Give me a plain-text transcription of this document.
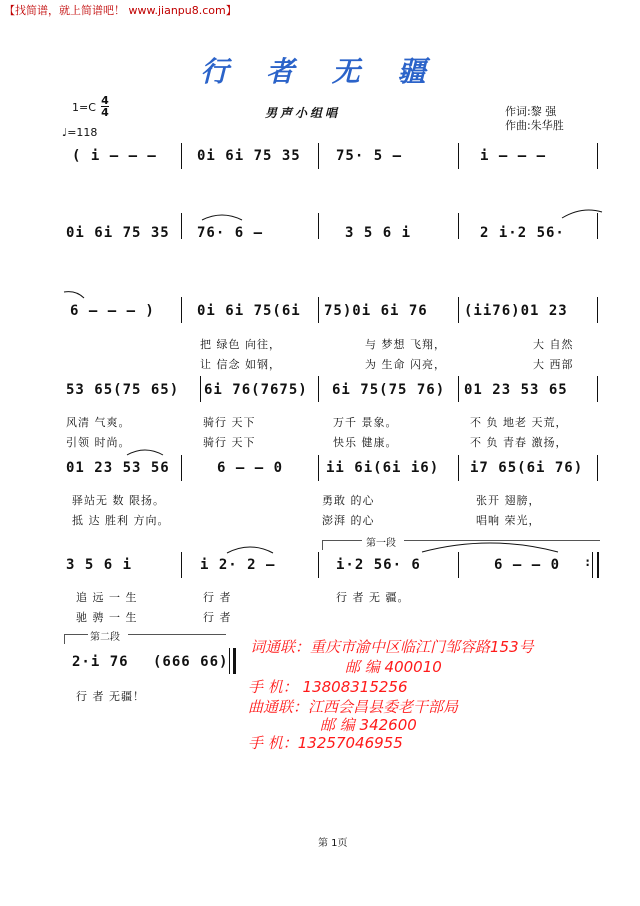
【找简谱，就上简谱吧！ www.jianpu8.com】
行 者 无 疆
1=C
4
4
♩=118
男声小组唱	作词:黎 强
作曲:朱华胜
( i – – –	0i 6i 75 35	75· 5 –	i – – –
0i 6i 75 35 76· 6 –	3 5 6 i	2 i·2 56·
6 – – – )	0i 6i 75(6i 75)0i 6i 76	(ii76)01 23
把 绿色 向往，	与 梦想 飞翔，	大 自然
让 信念 如钢，	为 生命 闪亮，	大 西部
53 65(75 65) 6i 76(7675) 6i 75(75 76) 01 23 53 65
风清 气爽。	骑行 天下	万千 景象。	不 负 地老 天荒，
引领 时尚。	骑行 天下	快乐 健康。	不 负 青春 激扬，
01 23 53 56	6 – – 0	ii 6i(6i i6) i7 65(6i 76)
驿站无 数 限扬。	勇敢 的心	张开 翅膀，
抵 达 胜利 方向。	澎湃 的心	唱响 荣光，
第一段
:
3 5 6 i	i 2· 2 –	i·2 56· 6	6 – – 0
追 远 一 生	行 者	行 者 无 疆。
驰 骋 一 生	行 者
第二段
2·i 76 (666 66)
行 者 无疆！
词通联：重庆市渝中区临江门邹容路153号
邮 编 400010
手 机： 13808315256
曲通联：江西会昌县委老干部局
邮 编 342600
手 机：13257046955
第 1页
